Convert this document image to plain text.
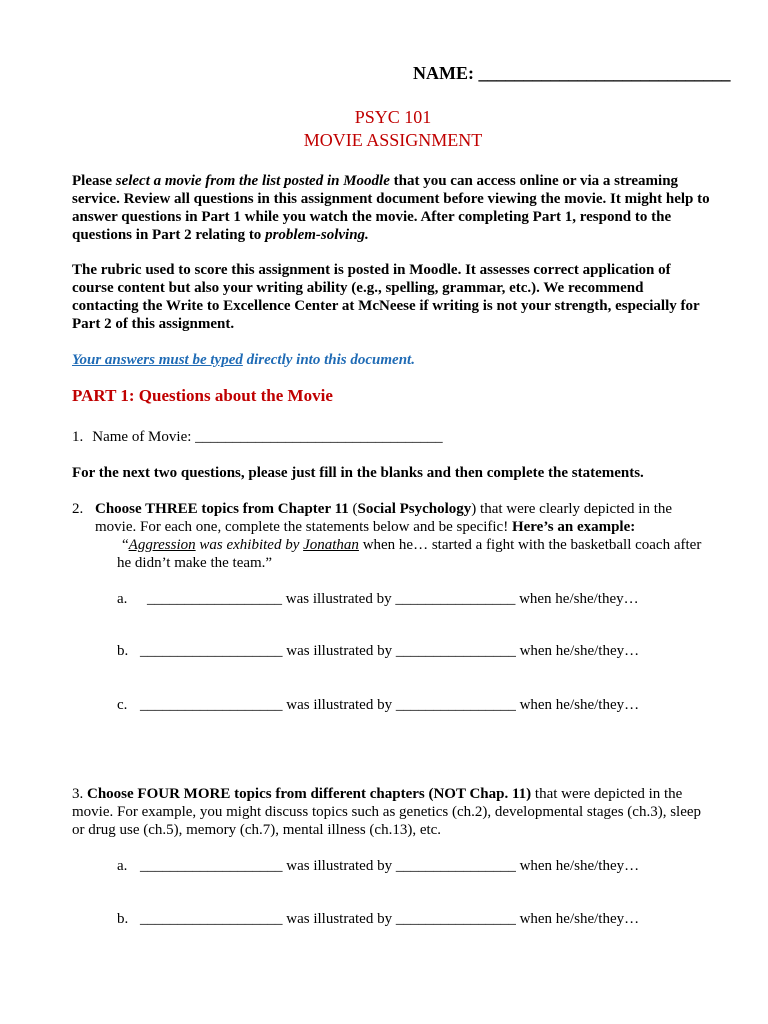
NAME: ____________________________
PSYC 101
MOVIE ASSIGNMENT
Please select a movie from the list posted in Moodle that you can access online or via a streaming
service. Review all questions in this assignment document before viewing the movie. It might help to
answer questions in Part 1 while you watch the movie. After completing Part 1, respond to the
questions in Part 2 relating to problem-solving.
The rubric used to score this assignment is posted in Moodle. It assesses correct application of
course content but also your writing ability (e.g., spelling, grammar, etc.). We recommend
contacting the Write to Excellence Center at McNeese if writing is not your strength, especially for
Part 2 of this assignment.
Your answers must be typed directly into this document.
PART 1: Questions about the Movie
1. Name of Movie: _________________________________
For the next two questions, please just fill in the blanks and then complete the statements.
2. Choose THREE topics from Chapter 11 (Social Psychology) that were clearly depicted in the
movie. For each one, complete the statements below and be specific! Here’s an example:
“Aggression was exhibited by Jonathan when he… started a fight with the basketball coach after
he didn’t make the team.”
a. __________________ was illustrated by ________________ when he/she/they…
b. ___________________ was illustrated by ________________ when he/she/they…
c. ___________________ was illustrated by ________________ when he/she/they…
3. Choose FOUR MORE topics from different chapters (NOT Chap. 11) that were depicted in the
movie. For example, you might discuss topics such as genetics (ch.2), developmental stages (ch.3), sleep
or drug use (ch.5), memory (ch.7), mental illness (ch.13), etc.
a. ___________________ was illustrated by ________________ when he/she/they…
b. ___________________ was illustrated by ________________ when he/she/they…
